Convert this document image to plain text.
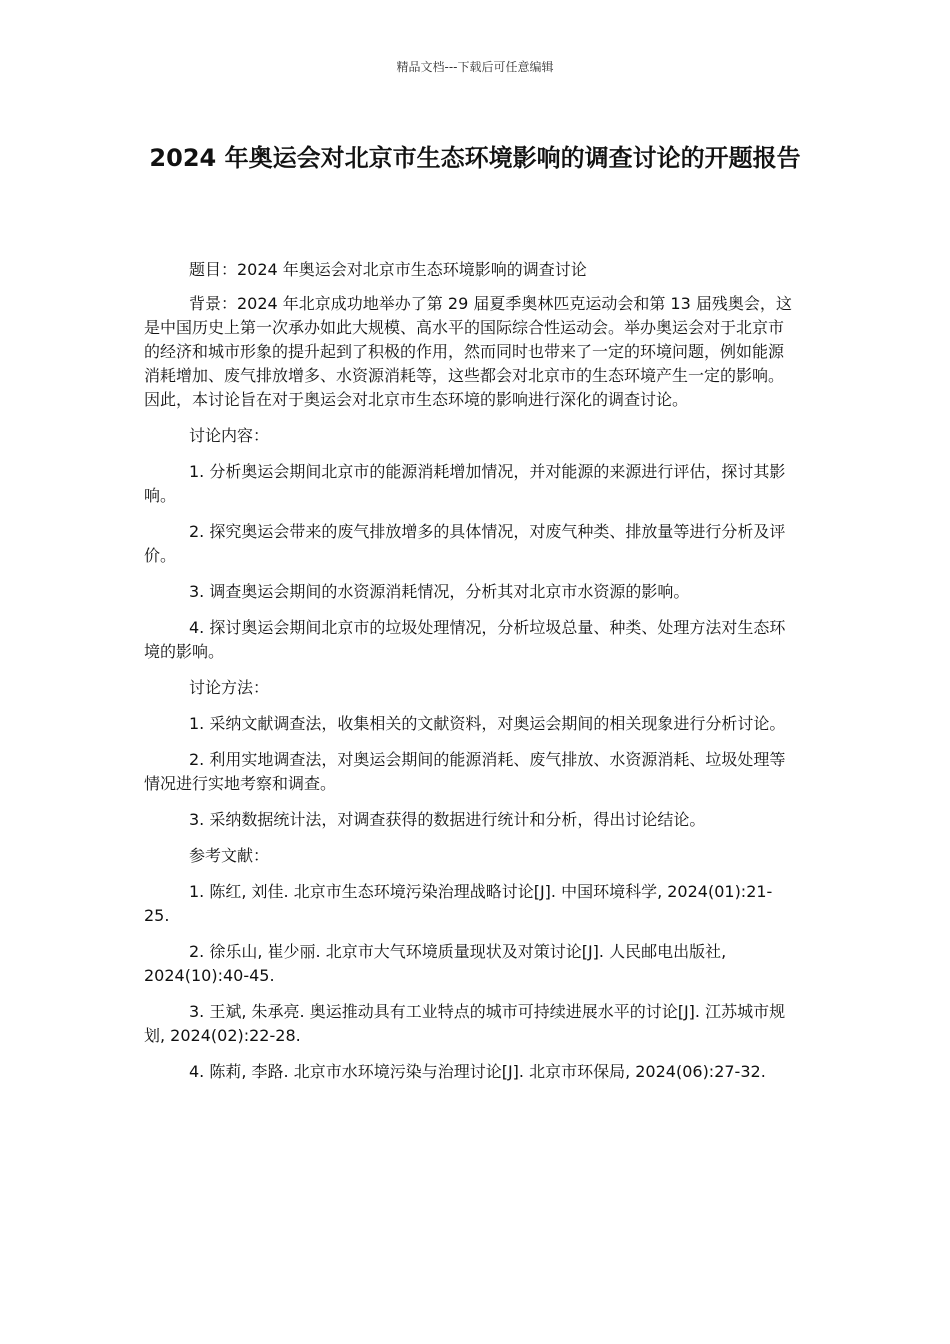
精品文档---下载后可任意编辑
2024 年奥运会对北京市生态环境影响的调查讨论的开题报告

题目：2024 年奥运会对北京市生态环境影响的调查讨论

背景：2024 年北京成功地举办了第 29 届夏季奥林匹克运动会和第 13 届残奥会，这是中国历史上第一次承办如此大规模、高水平的国际综合性运动会。举办奥运会对于北京市的经济和城市形象的提升起到了积极的作用，然而同时也带来了一定的环境问题，例如能源消耗增加、废气排放增多、水资源消耗等，这些都会对北京市的生态环境产生一定的影响。因此，本讨论旨在对于奥运会对北京市生态环境的影响进行深化的调查讨论。

讨论内容：

1. 分析奥运会期间北京市的能源消耗增加情况，并对能源的来源进行评估，探讨其影响。

2. 探究奥运会带来的废气排放增多的具体情况，对废气种类、排放量等进行分析及评价。

3. 调查奥运会期间的水资源消耗情况，分析其对北京市水资源的影响。

4. 探讨奥运会期间北京市的垃圾处理情况，分析垃圾总量、种类、处理方法对生态环境的影响。

讨论方法：

1. 采纳文献调查法，收集相关的文献资料，对奥运会期间的相关现象进行分析讨论。

2. 利用实地调查法，对奥运会期间的能源消耗、废气排放、水资源消耗、垃圾处理等情况进行实地考察和调查。

3. 采纳数据统计法，对调查获得的数据进行统计和分析，得出讨论结论。

参考文献：

1. 陈红, 刘佳. 北京市生态环境污染治理战略讨论[J]. 中国环境科学, 2024(01):21-25.

2. 徐乐山, 崔少丽. 北京市大气环境质量现状及对策讨论[J]. 人民邮电出版社, 2024(10):40-45.

3. 王斌, 朱承亮. 奥运推动具有工业特点的城市可持续进展水平的讨论[J]. 江苏城市规划, 2024(02):22-28.

4. 陈莉, 李路. 北京市水环境污染与治理讨论[J]. 北京市环保局, 2024(06):27-32.
